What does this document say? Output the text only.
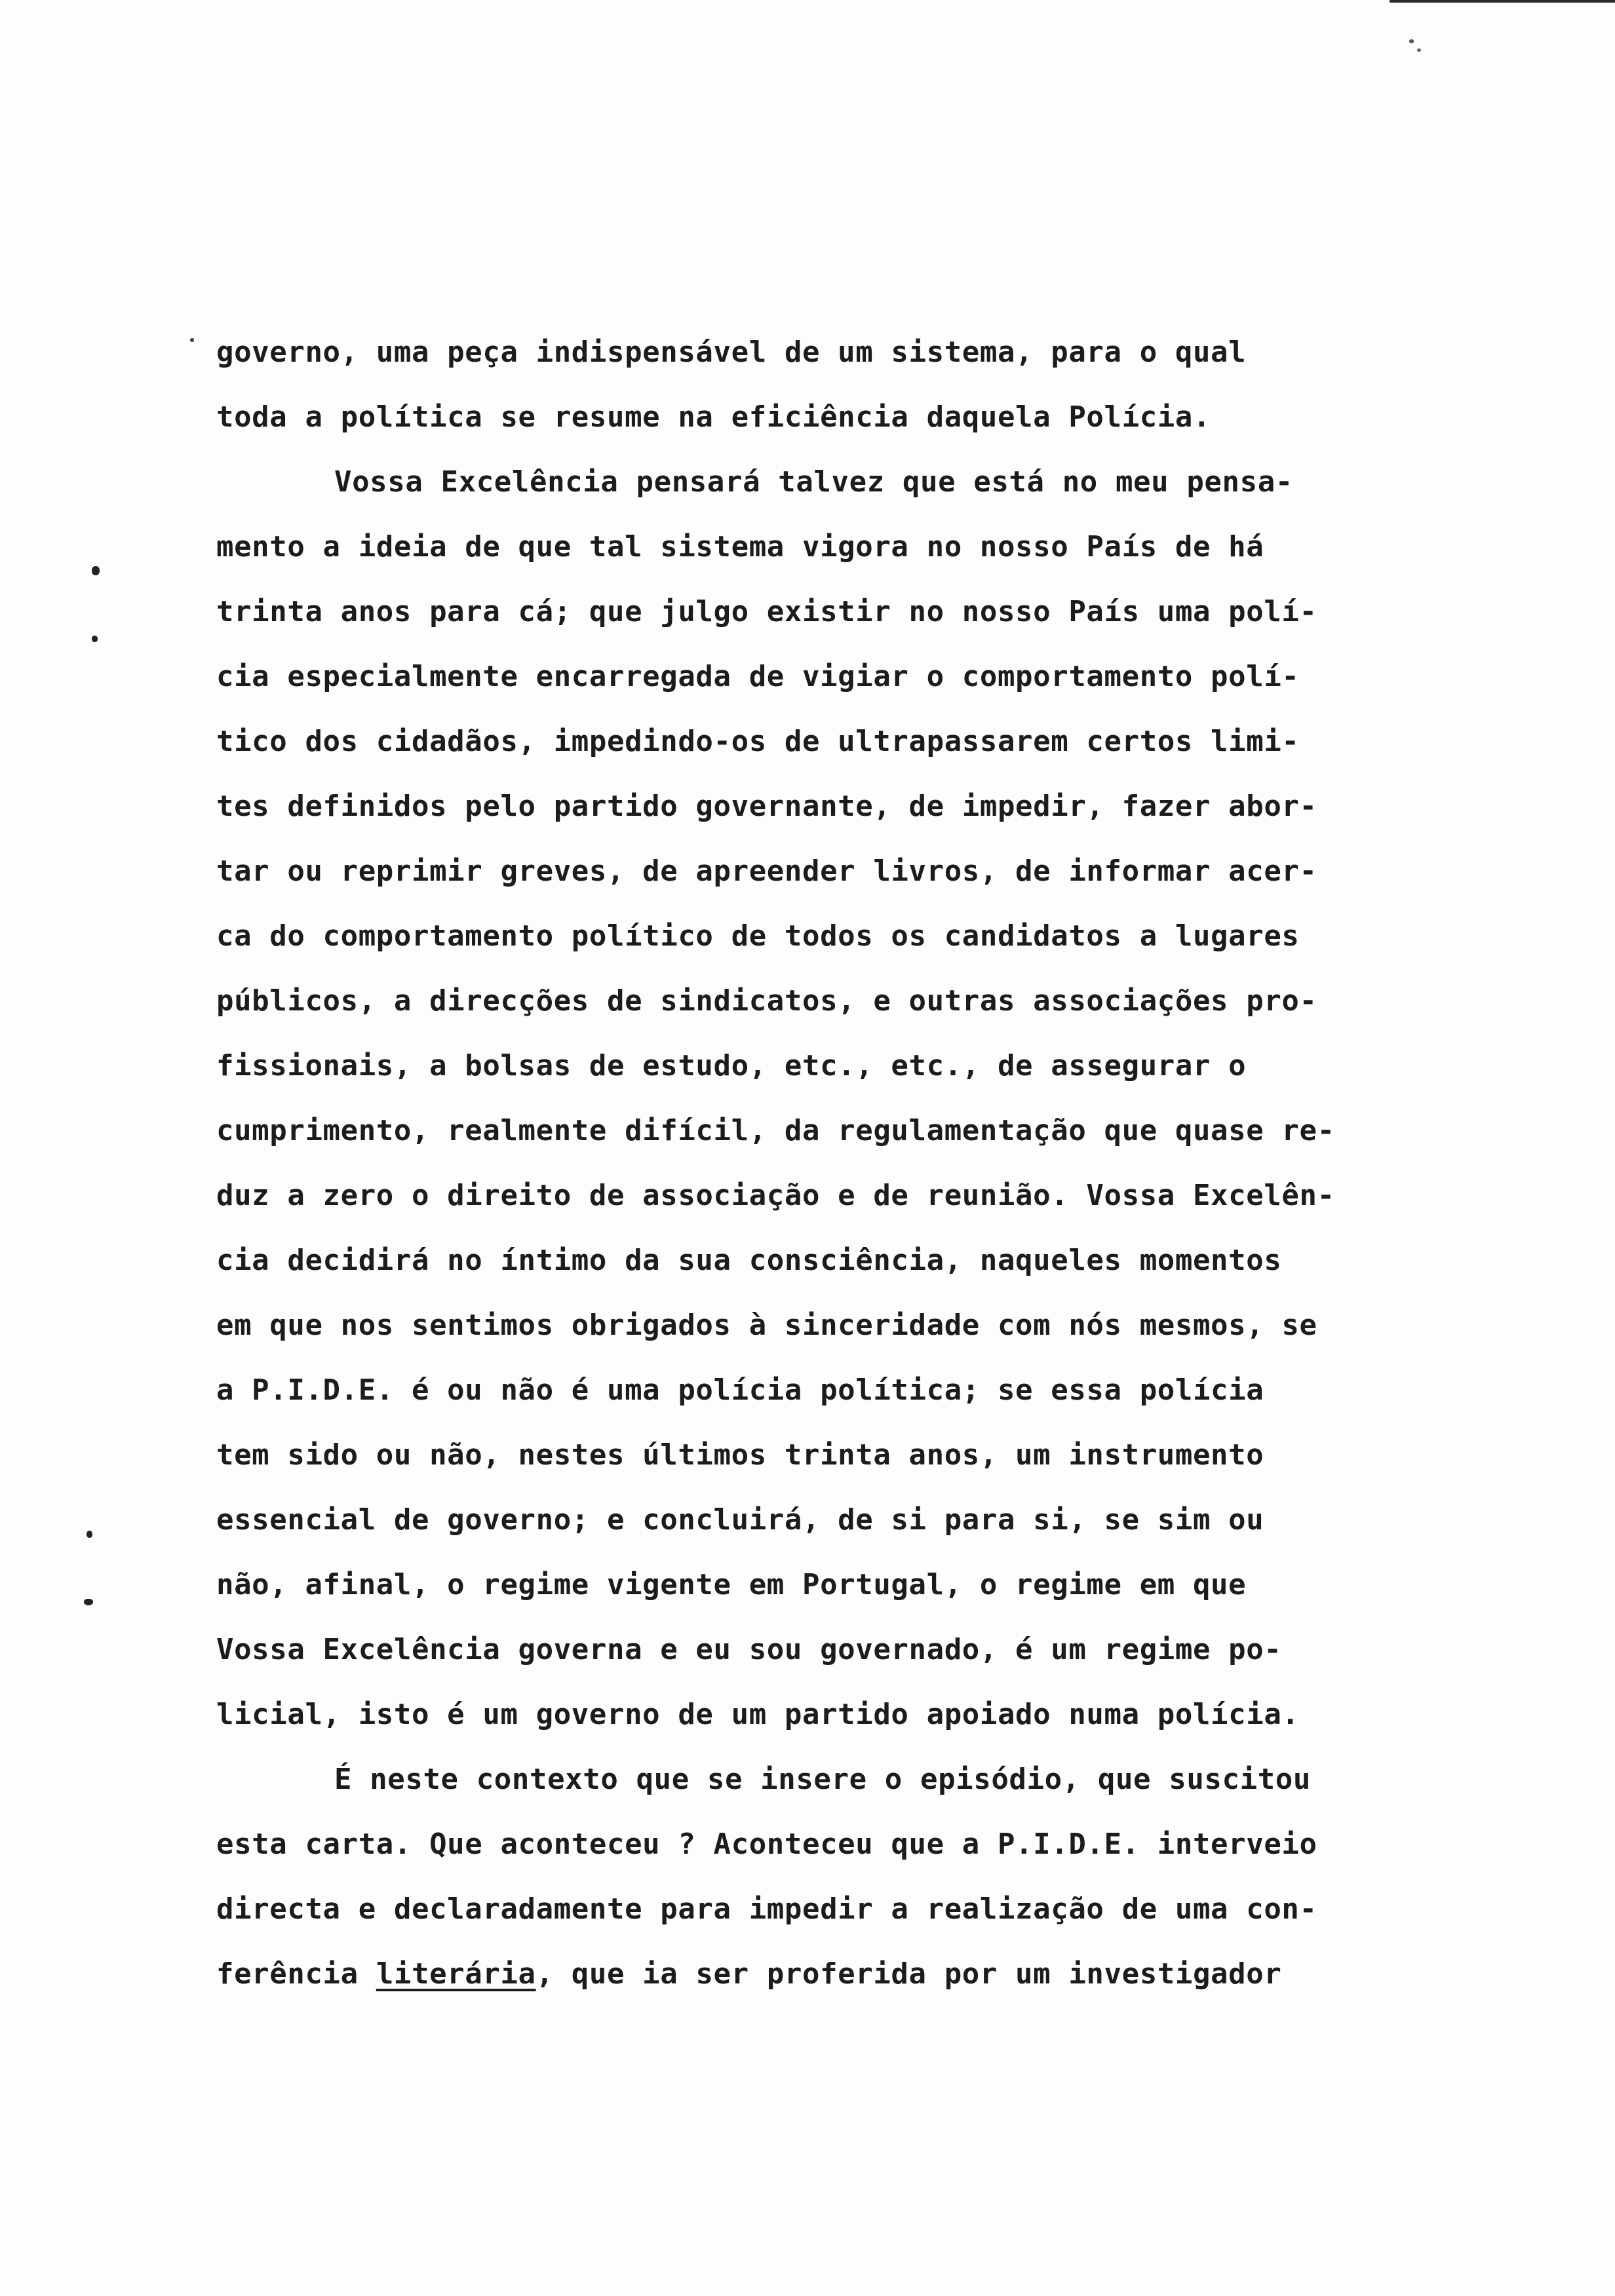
governo, uma peça indispensável de um sistema, para o qual
toda a política se resume na eficiência daquela Polícia.
Vossa Excelência pensará talvez que está no meu pensa-
mento a ideia de que tal sistema vigora no nosso País de há
trinta anos para cá; que julgo existir no nosso País uma polí-
cia especialmente encarregada de vigiar o comportamento polí-
tico dos cidadãos, impedindo-os de ultrapassarem certos limi-
tes definidos pelo partido governante, de impedir, fazer abor-
tar ou reprimir greves, de apreender livros, de informar acer-
ca do comportamento político de todos os candidatos a lugares
públicos, a direcções de sindicatos, e outras associações pro-
fissionais, a bolsas de estudo, etc., etc., de assegurar o
cumprimento, realmente difícil, da regulamentação que quase re-
duz a zero o direito de associação e de reunião. Vossa Excelên-
cia decidirá no íntimo da sua consciência, naqueles momentos
em que nos sentimos obrigados à sinceridade com nós mesmos, se
a P.I.D.E. é ou não é uma polícia política; se essa polícia
tem sido ou não, nestes últimos trinta anos, um instrumento
essencial de governo; e concluirá, de si para si, se sim ou
não, afinal, o regime vigente em Portugal, o regime em que
Vossa Excelência governa e eu sou governado, é um regime po-
licial, isto é um governo de um partido apoiado numa polícia.
É neste contexto que se insere o episódio, que suscitou
esta carta. Que aconteceu ? Aconteceu que a P.I.D.E. interveio
directa e declaradamente para impedir a realização de uma con-
ferência literária, que ia ser proferida por um investigador
